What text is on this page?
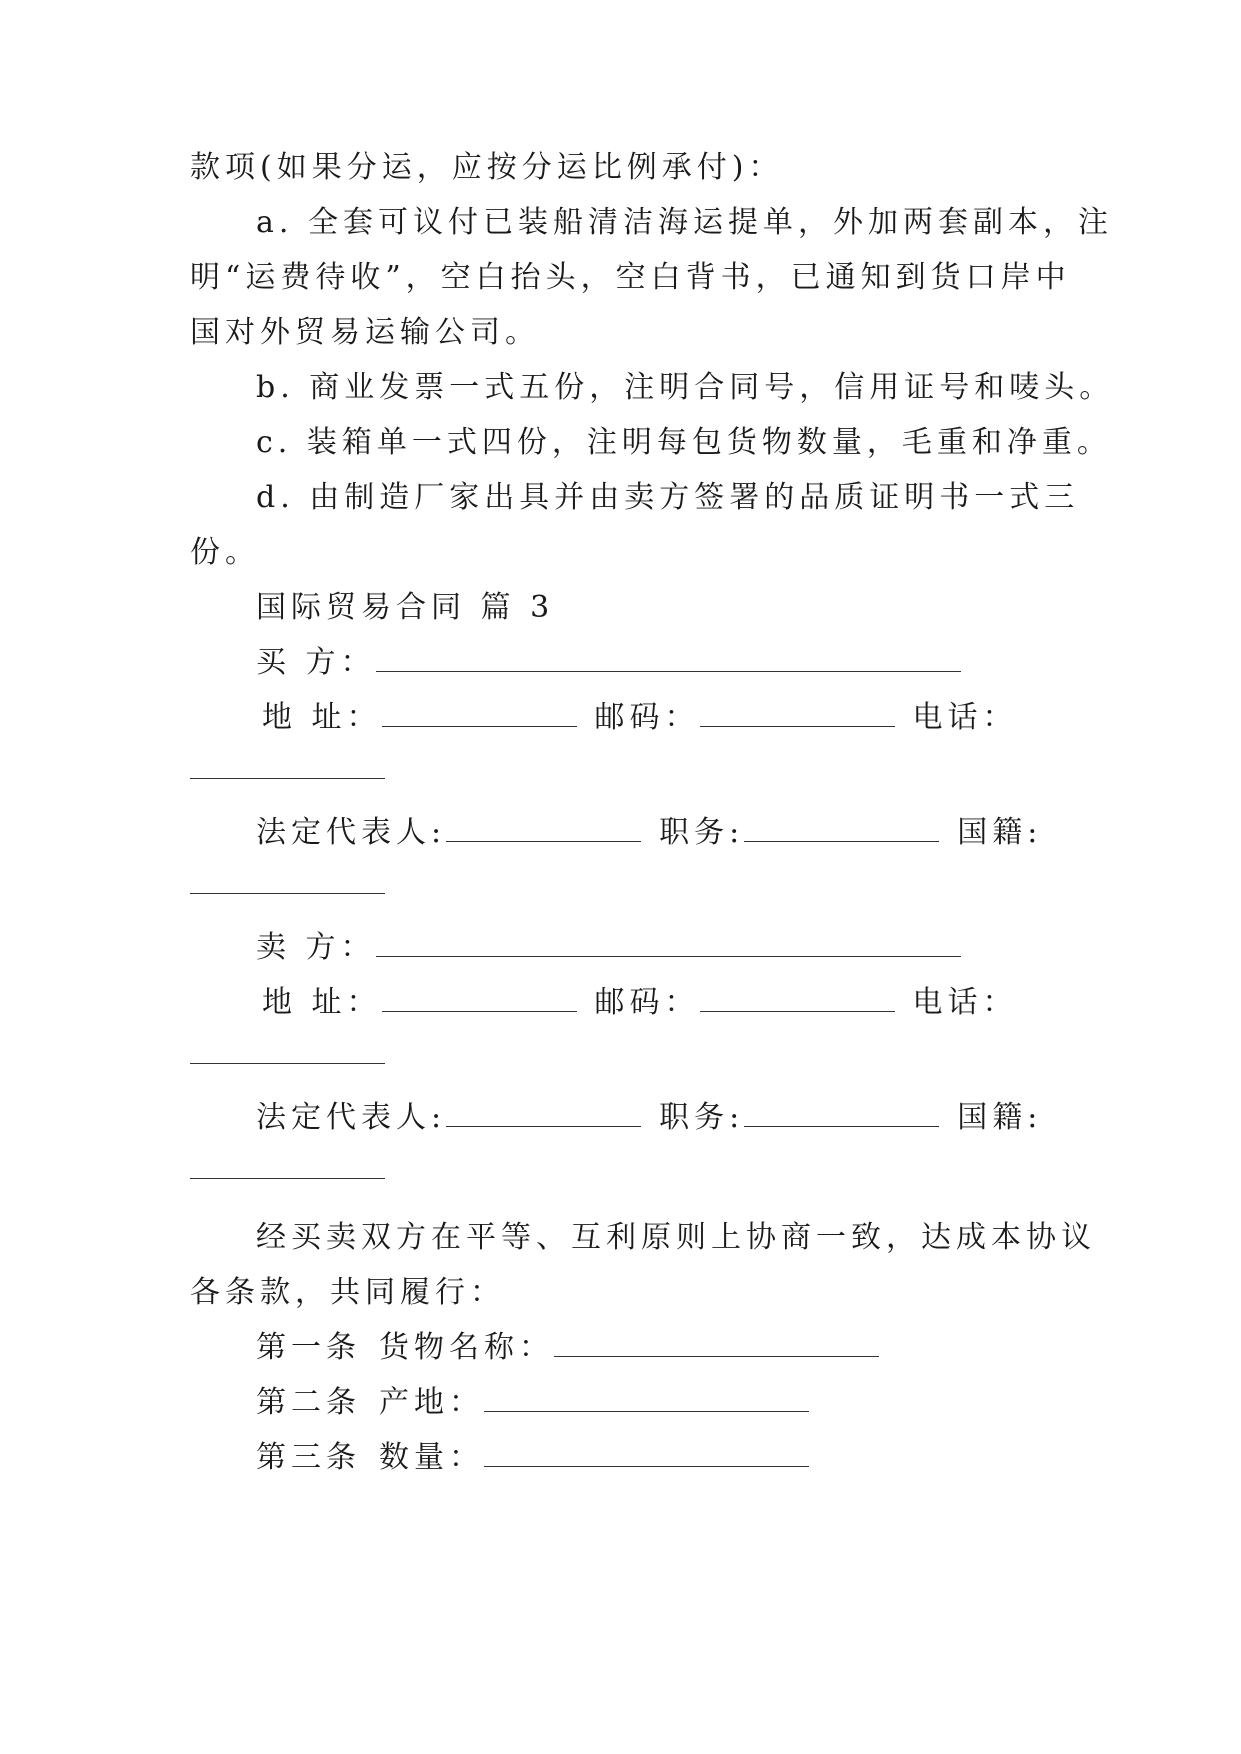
款项(如果分运，应按分运比例承付)：
a. 全套可议付已装船清洁海运提单，外加两套副本，注
明“运费待收”，空白抬头，空白背书，已通知到货口岸中
国对外贸易运输公司。
b. 商业发票一式五份，注明合同号，信用证号和唛头。
c. 装箱单一式四份，注明每包货物数量，毛重和净重。
d. 由制造厂家出具并由卖方签署的品质证明书一式三
份。
国际贸易合同 篇 3
买 方：
地 址：	邮码：	电话：
法定代表人:	职务:	国籍:
卖 方：
地 址：	邮码：	电话：
法定代表人:	职务:	国籍:
经买卖双方在平等、互利原则上协商一致，达成本协议
各条款，共同履行：
第一条 货物名称：
第二条 产地：
第三条 数量：
